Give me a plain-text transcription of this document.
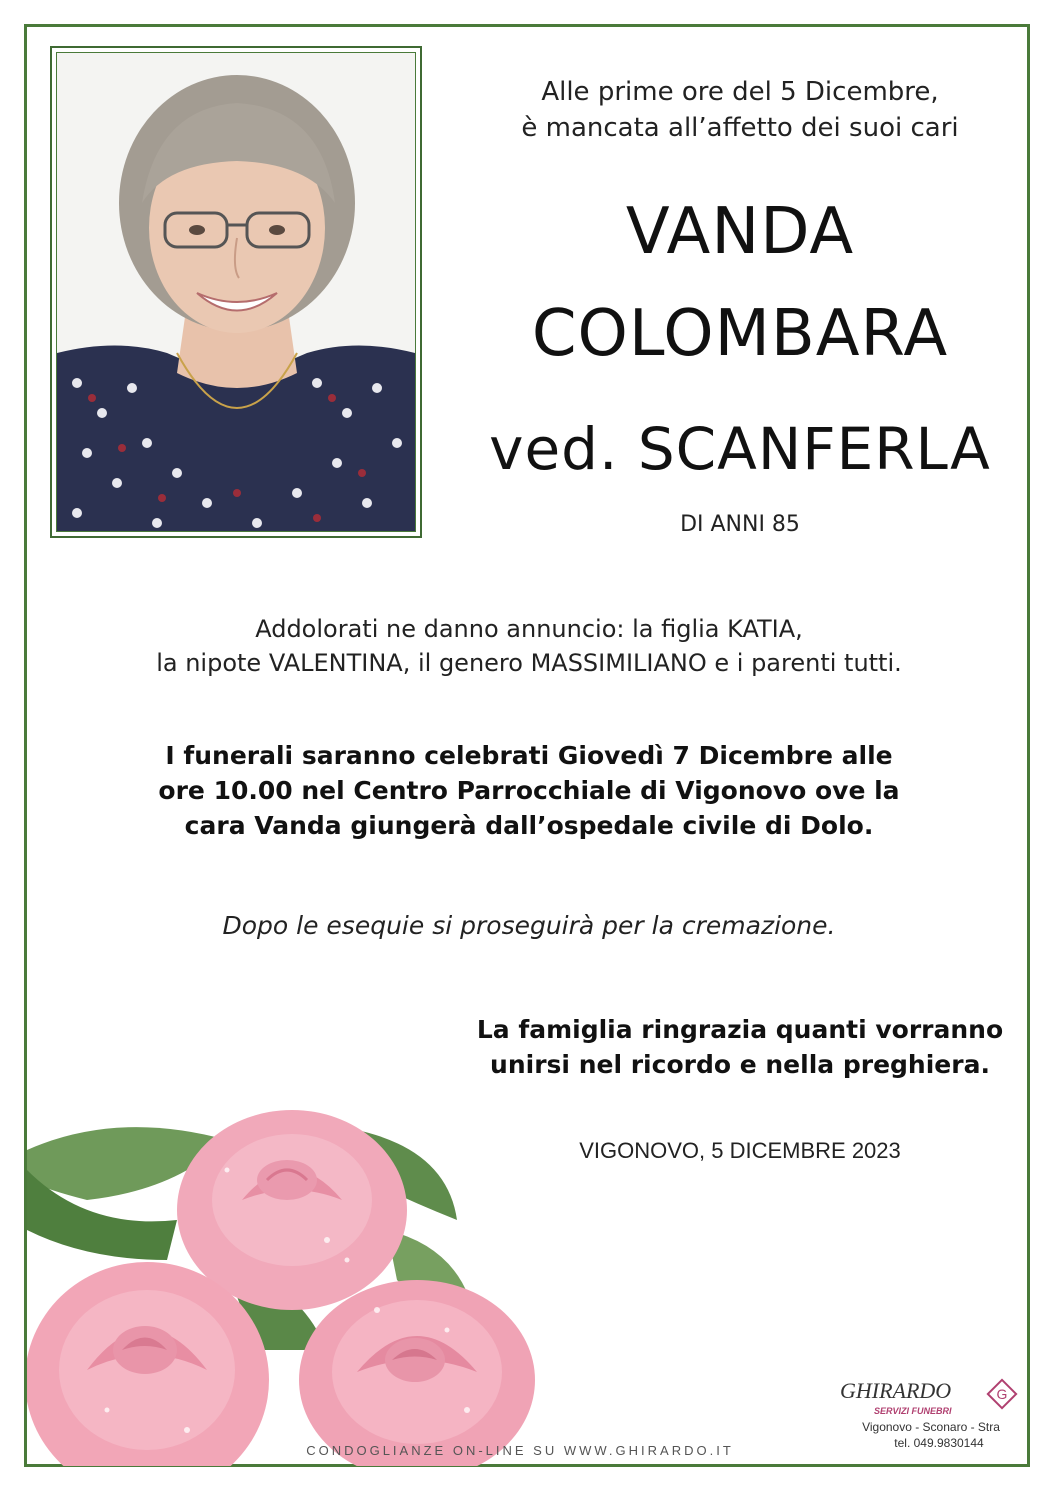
Alle prime ore del 5 Dicembre,
è mancata all’affetto dei suoi cari
VANDA
COLOMBARA
ved. SCANFERLA
DI ANNI 85
Addolorati ne danno annuncio: la figlia KATIA,
la nipote VALENTINA, il genero MASSIMILIANO e i parenti tutti.
I funerali saranno celebrati Giovedì 7 Dicembre alle
ore 10.00 nel Centro Parrocchiale di Vigonovo ove la
cara Vanda giungerà dall’ospedale civile di Dolo.
Dopo le esequie si proseguirà per la cremazione.
La famiglia ringrazia quanti vorranno
unirsi nel ricordo e nella preghiera.
VIGONOVO, 5 DICEMBRE 2023
CONDOGLIANZE ON-LINE SU WWW.GHIRARDO.IT
GHIRARDO
SERVIZI FUNEBRI
G
Vigonovo - Sconaro - Stra
tel. 049.9830144
